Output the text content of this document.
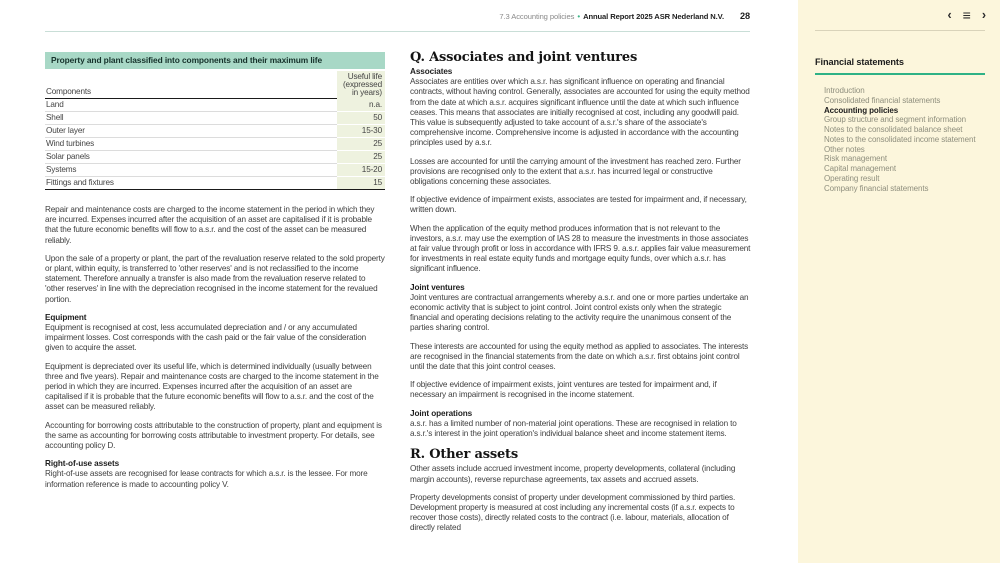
7.3 Accounting policies • Annual Report 2025 ASR Nederland N.V. 28
Property and plant classified into components and their maximum life
Components	Useful life (expressed in years)
Land	n.a.
Shell	50
Outer layer	15-30
Wind turbines	25
Solar panels	25
Systems	15-20
Fittings and fixtures	15

Repair and maintenance costs are charged to the income statement in the period in which they are incurred. Expenses incurred after the acquisition of an asset are capitalised if it is probable that the future economic benefits will flow to a.s.r. and the cost of the asset can be measured reliably.

Upon the sale of a property or plant, the part of the revaluation reserve related to the sold property or plant, within equity, is transferred to 'other reserves' and is not reclassified to the income statement. Therefore annually a transfer is also made from the revaluation reserve related to 'other reserves' in line with the depreciation recognised in the income statement for the revalued portion.

Equipment

Equipment is recognised at cost, less accumulated depreciation and / or any accumulated impairment losses. Cost corresponds with the cash paid or the fair value of the consideration given to acquire the asset.

Equipment is depreciated over its useful life, which is determined individually (usually between three and five years). Repair and maintenance costs are charged to the income statement in the period in which they are incurred. Expenses incurred after the acquisition of an asset are capitalised if it is probable that the future economic benefits will flow to a.s.r. and the cost of the asset can be measured reliably.

Accounting for borrowing costs attributable to the construction of property, plant and equipment is the same as accounting for borrowing costs attributable to investment property. For details, see accounting policy D.

Right-of-use assets

Right-of-use assets are recognised for lease contracts for which a.s.r. is the lessee. For more information reference is made to accounting policy V.

Q. Associates and joint ventures
Associates

Associates are entities over which a.s.r. has significant influence on operating and financial contracts, without having control. Generally, associates are accounted for using the equity method from the date at which a.s.r. acquires significant influence until the date at which such influence ceases. This means that associates are initially recognised at cost, including any goodwill paid. This value is subsequently adjusted to take account of a.s.r.'s share of the associate's comprehensive income. Comprehensive income is adjusted in accordance with the accounting principles used by a.s.r.

Losses are accounted for until the carrying amount of the investment has reached zero. Further provisions are recognised only to the extent that a.s.r. has incurred legal or constructive obligations concerning these associates.

If objective evidence of impairment exists, associates are tested for impairment and, if necessary, written down.

When the application of the equity method produces information that is not relevant to the investors, a.s.r. may use the exemption of IAS 28 to measure the investments in those associates at fair value through profit or loss in accordance with IFRS 9. a.s.r. applies fair value measurement for investments in real estate equity funds and mortgage equity funds, over which a.s.r. has significant influence.

Joint ventures

Joint ventures are contractual arrangements whereby a.s.r. and one or more parties undertake an economic activity that is subject to joint control. Joint control exists only when the strategic financial and operating decisions relating to the activity require the unanimous consent of the parties sharing control.

These interests are accounted for using the equity method as applied to associates. The interests are recognised in the financial statements from the date on which a.s.r. first obtains joint control until the date that this joint control ceases.

If objective evidence of impairment exists, joint ventures are tested for impairment and, if necessary an impairment is recognised in the income statement.

Joint operations

a.s.r. has a limited number of non-material joint operations. These are recognised in relation to a.s.r.'s interest in the joint operation's individual balance sheet and income statement items.

R. Other assets

Other assets include accrued investment income, property developments, collateral (including margin accounts), reverse repurchase agreements, tax assets and accrued assets.

Property developments consist of property under development commissioned by third parties. Development property is measured at cost including any incremental costs (if a.s.r. expects to recover those costs), directly related costs to the contract (i.e. labour, materials, allocation of directly related

‹ ≡ ›
Financial statements
Introduction
Consolidated financial statements
Accounting policies
Group structure and segment information
Notes to the consolidated balance sheet
Notes to the consolidated income statement
Other notes
Risk management
Capital management
Operating result
Company financial statements
